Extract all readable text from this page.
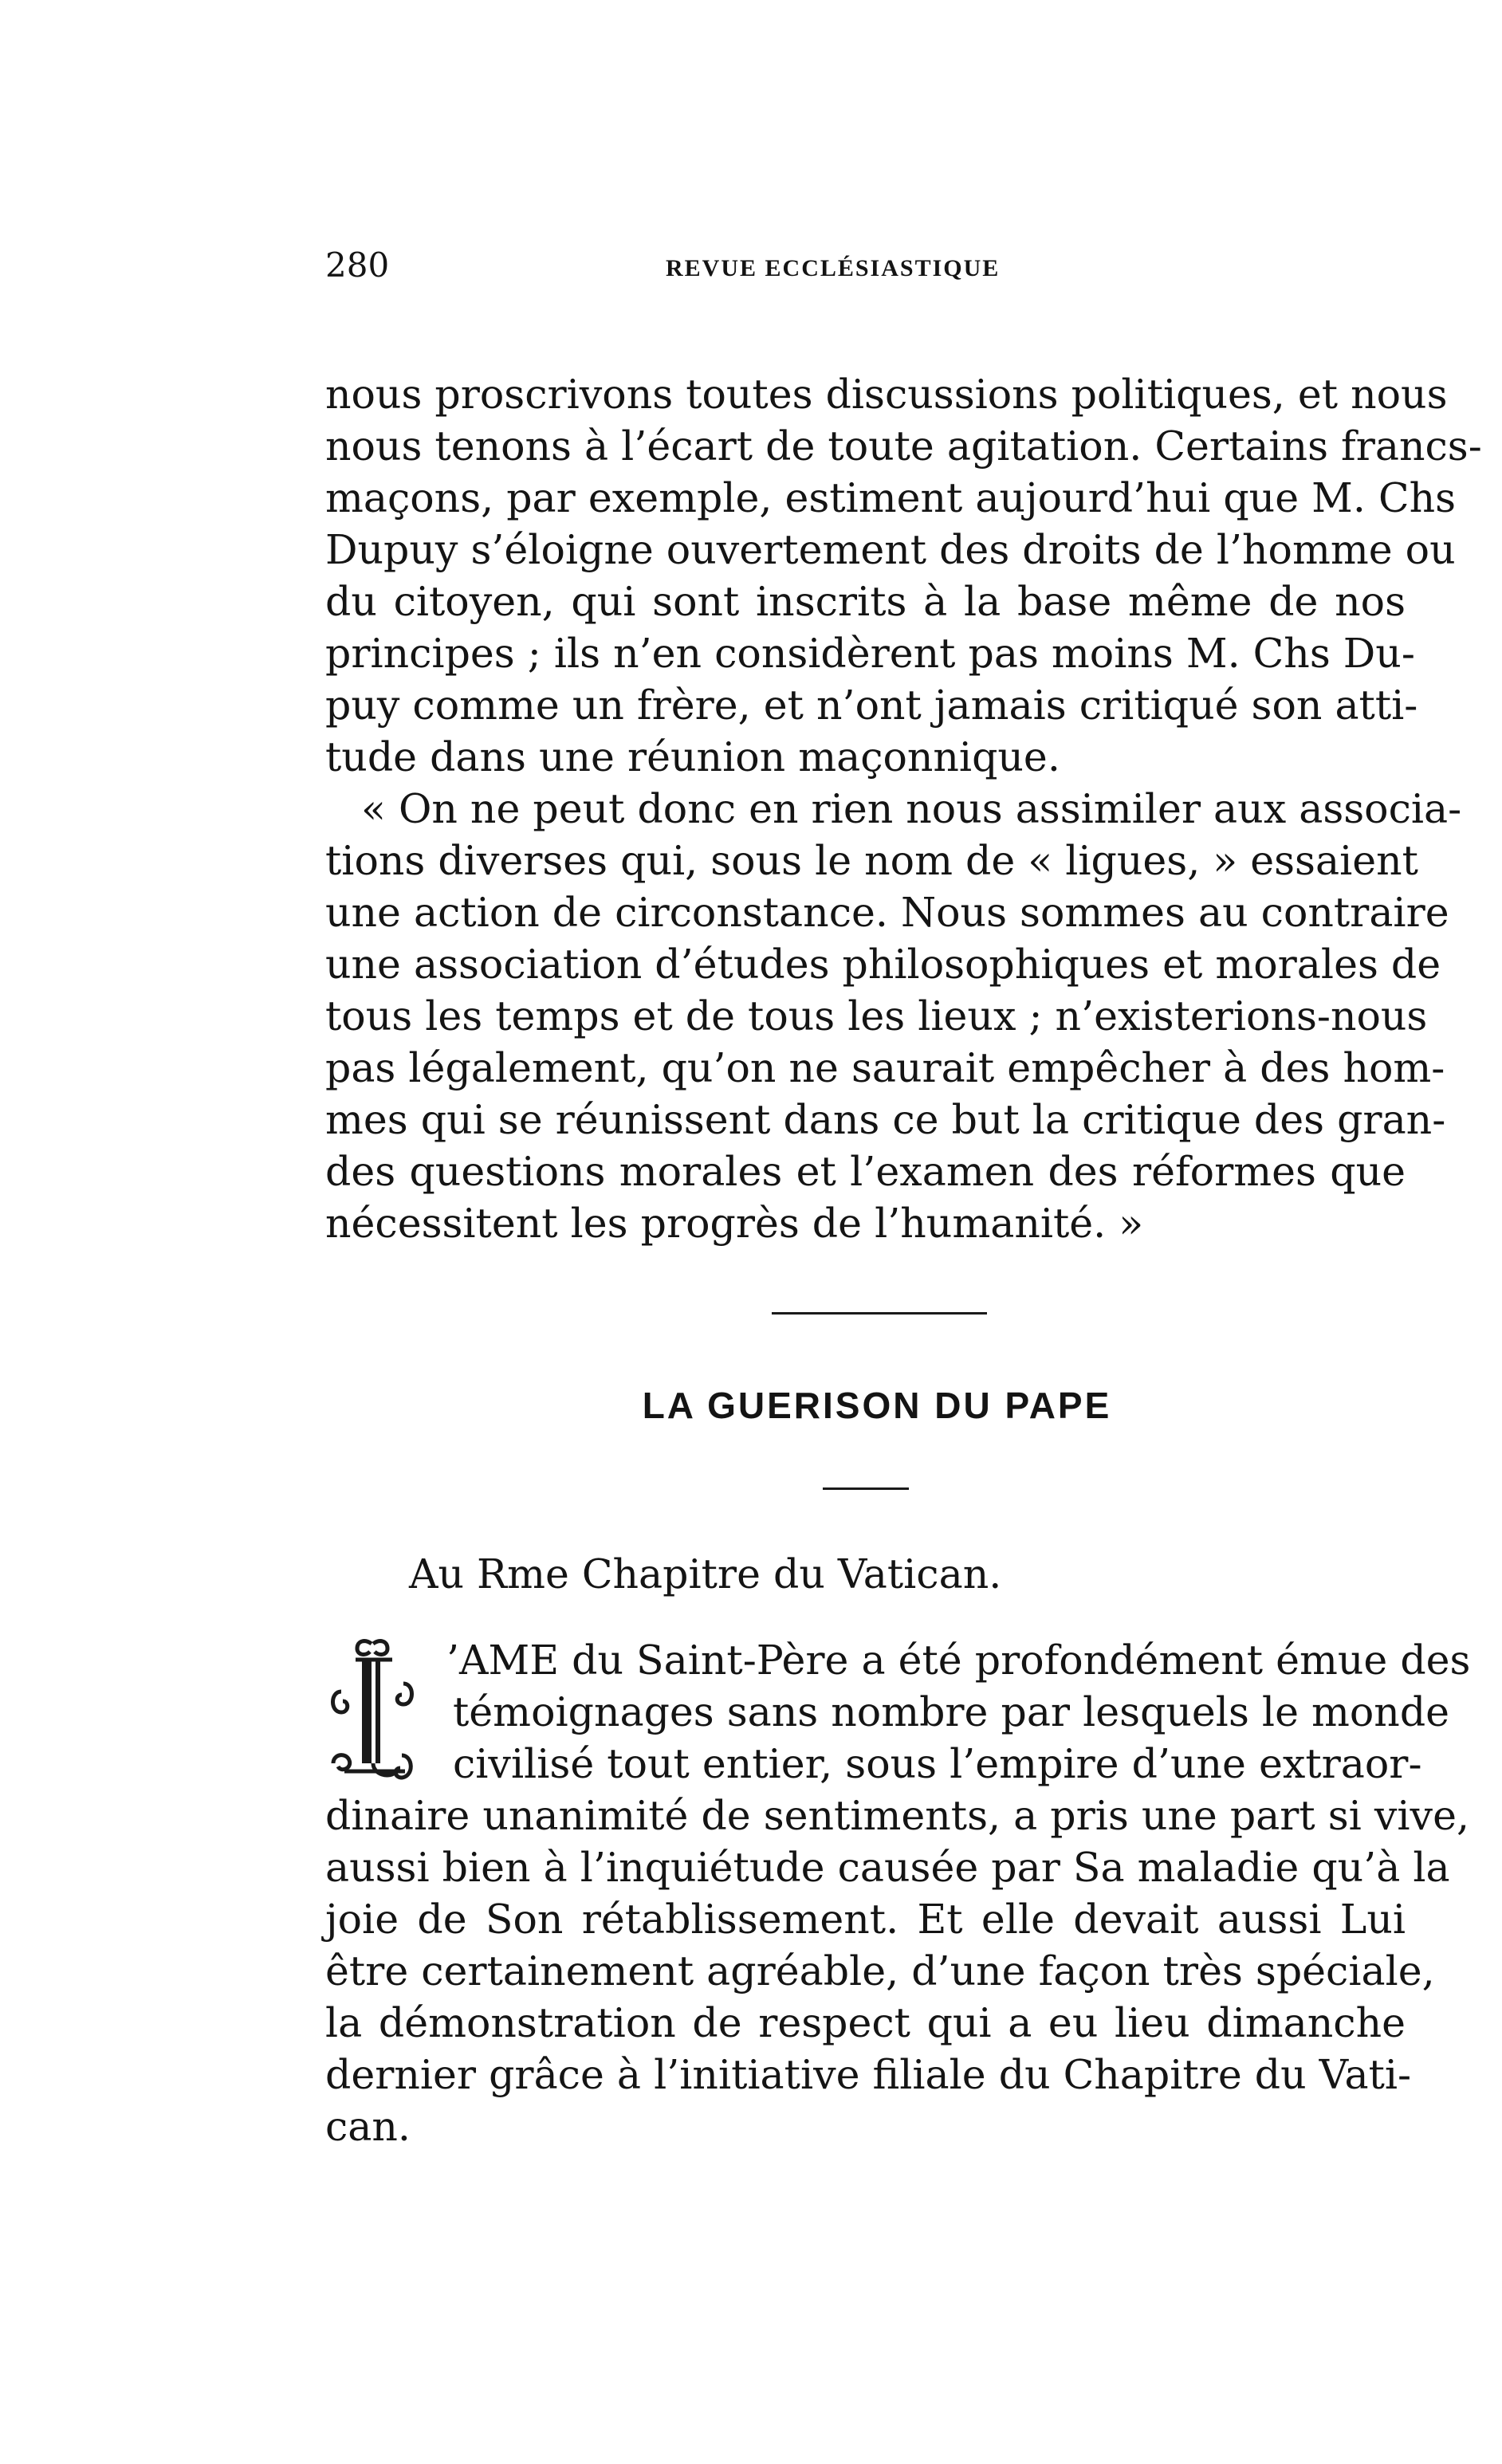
280	REVUE ECCLÉSIASTIQUE
nous proscrivons toutes discussions politiques, et nous
nous tenons à l’écart de toute agitation. Certains francs-
maçons, par exemple, estiment aujourd’hui que M. Chs
Dupuy s’éloigne ouvertement des droits de l’homme ou
du citoyen, qui sont inscrits à la base même de nos
principes ; ils n’en considèrent pas moins M. Chs Du-
puy comme un frère, et n’ont jamais critiqué son atti-
tude dans une réunion maçonnique.
« On ne peut donc en rien nous assimiler aux associa-
tions diverses qui, sous le nom de « ligues, » essaient
une action de circonstance. Nous sommes au contraire
une association d’études philosophiques et morales de
tous les temps et de tous les lieux ; n’existerions-nous
pas légalement, qu’on ne saurait empêcher à des hom-
mes qui se réunissent dans ce but la critique des gran-
des questions morales et l’examen des réformes que
nécessitent les progrès de l’humanité. »
LA GUERISON DU PAPE
Au Rme Chapitre du Vatican.
’AME du Saint-Père a été profondément émue des
témoignages sans nombre par lesquels le monde
civilisé tout entier, sous l’empire d’une extraor-
dinaire unanimité de sentiments, a pris une part si vive,
aussi bien à l’inquiétude causée par Sa maladie qu’à la
joie de Son rétablissement. Et elle devait aussi Lui
être certainement agréable, d’une façon très spéciale,
la démonstration de respect qui a eu lieu dimanche
dernier grâce à l’initiative filiale du Chapitre du Vati-
can.
